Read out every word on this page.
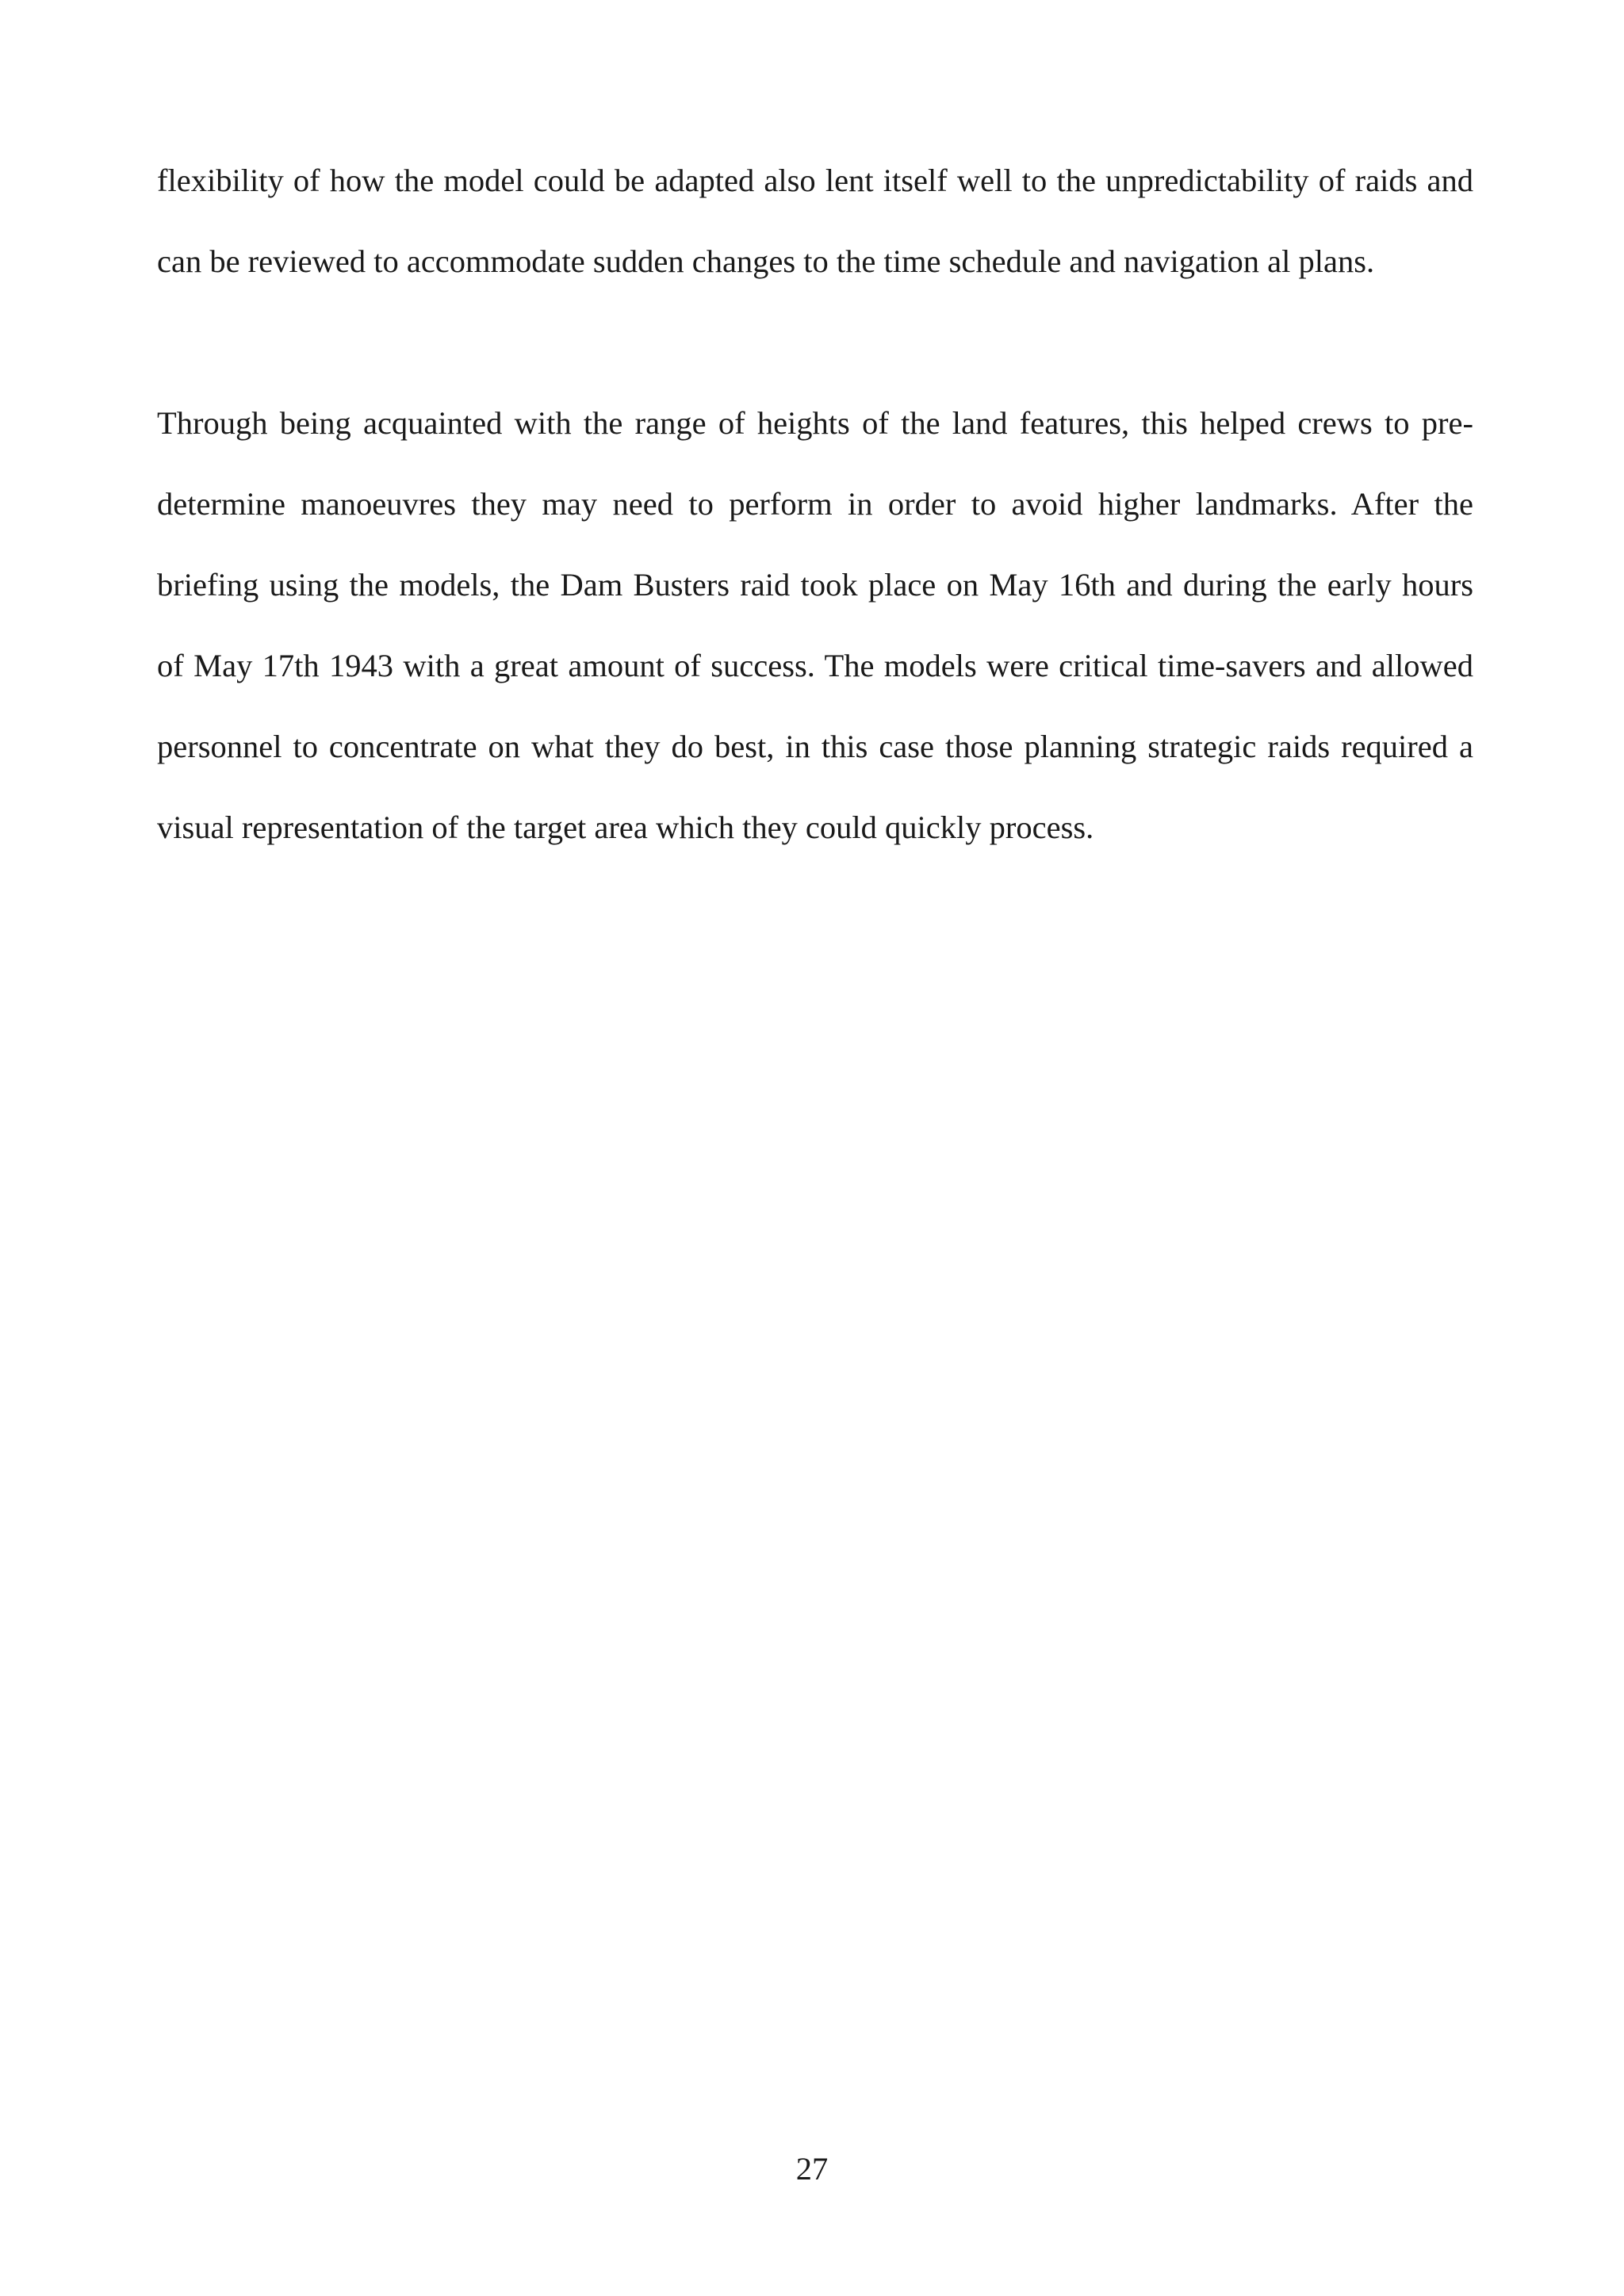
flexibility of how the model could be adapted also lent itself well to the unpredictability of raids and
can be reviewed to accommodate sudden changes to the time schedule and navigation al plans.
Through being acquainted with the range of heights of the land features, this helped crews to pre-
determine manoeuvres they may need to perform in order to avoid higher landmarks. After the
briefing using the models, the Dam Busters raid took place on May 16th and during the early hours
of May 17th 1943 with a great amount of success. The models were critical time-savers and allowed
personnel to concentrate on what they do best, in this case those planning strategic raids required a
visual representation of the target area which they could quickly process.
27
